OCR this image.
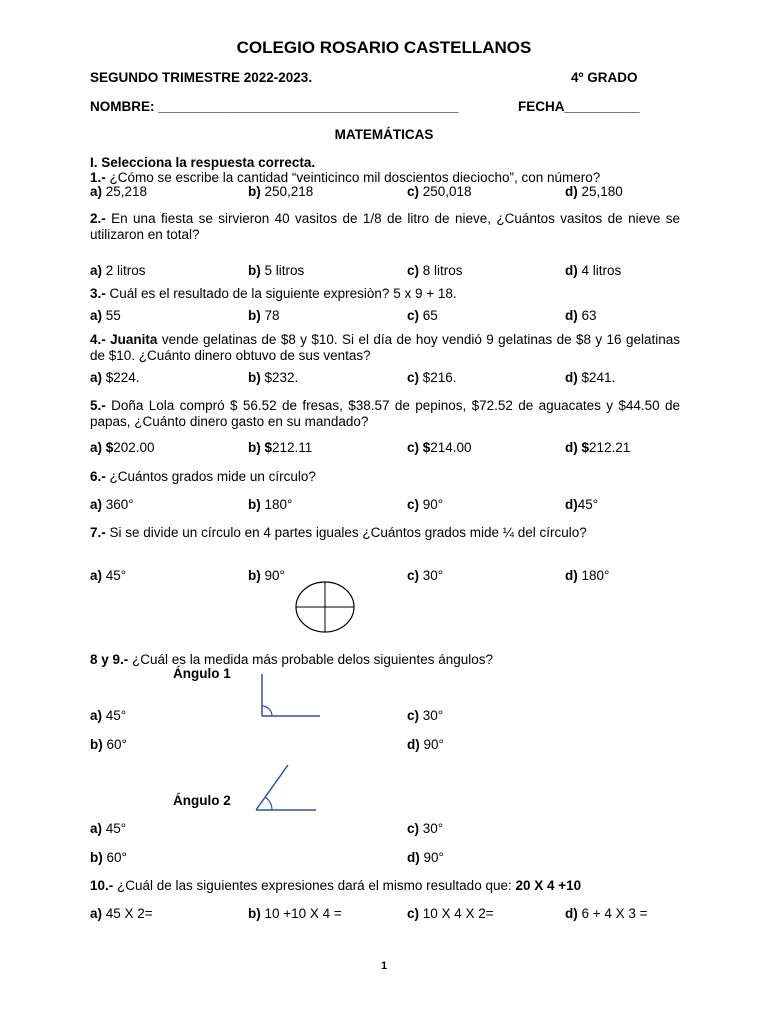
COLEGIO ROSARIO CASTELLANOS
SEGUNDO TRIMESTRE 2022-2023.	4º GRADO
NOMBRE: ________________________________________	FECHA__________
MATEMÁTICAS
I. Selecciona la respuesta correcta.
1.- ¿Cómo se escribe la cantidad “veinticinco mil doscientos dieciocho”, con número?
a) 25,218	b) 250,218	c) 250,018	d) 25,180
2.- En una fiesta se sirvieron 40 vasitos de 1/8 de litro de nieve, ¿Cuántos vasitos de nieve se utilizaron en total?
a) 2 litros	b) 5 litros	c) 8 litros	d) 4 litros
3.- Cuál es el resultado de la siguiente expresiòn? 5 x 9 + 18.
a) 55	b) 78	c) 65	d) 63
4.- Juanita vende gelatinas de $8 y $10. Si el día de hoy vendió 9 gelatinas de $8 y 16 gelatinas de $10. ¿Cuánto dinero obtuvo de sus ventas?
a) $224.	b) $232.	c) $216.	d) $241.
5.- Doña Lola compró $ 56.52 de fresas, $38.57 de pepinos, $72.52 de aguacates y $44.50 de papas, ¿Cuánto dinero gasto en su mandado?
a) $202.00	b) $212.11	c) $214.00	d) $212.21
6.- ¿Cuántos grados mide un círculo?
a) 360°	b) 180°	c) 90°	d)45°
7.- Si se divide un círculo en 4 partes iguales ¿Cuántos grados mide ¼ del círculo?
a) 45°	b) 90°	c) 30°	d) 180°
8 y 9.- ¿Cuál es la medida más probable delos siguientes ángulos?
Ángulo 1
a) 45°	c) 30°
b) 60°	d) 90°
Ángulo 2
a) 45°	c) 30°
b) 60°	d) 90°
10.- ¿Cuál de las siguientes expresiones dará el mismo resultado que: 20 X 4 +10
a) 45 X 2=	b) 10 +10 X 4 =	c) 10 X 4 X 2=	d) 6 + 4 X 3 =
1
